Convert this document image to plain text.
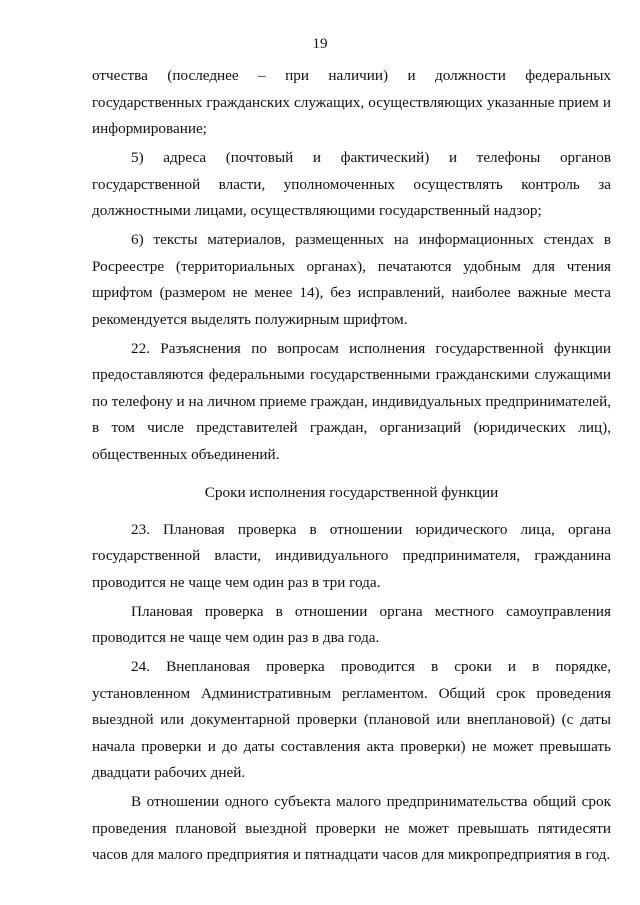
19

отчества (последнее – при наличии) и должности федеральных государственных гражданских служащих, осуществляющих указанные прием и информирование;

5) адреса (почтовый и фактический) и телефоны органов государственной власти, уполномоченных осуществлять контроль за должностными лицами, осуществляющими государственный надзор;

6) тексты материалов, размещенных на информационных стендах в Росреестре (территориальных органах), печатаются удобным для чтения шрифтом (размером не менее 14), без исправлений, наиболее важные места рекомендуется выделять полужирным шрифтом.

22. Разъяснения по вопросам исполнения государственной функции предоставляются федеральными государственными гражданскими служащими по телефону и на личном приеме граждан, индивидуальных предпринимателей, в том числе представителей граждан, организаций (юридических лиц), общественных объединений.

Сроки исполнения государственной функции

23. Плановая проверка в отношении юридического лица, органа государственной власти, индивидуального предпринимателя, гражданина проводится не чаще чем один раз в три года.

Плановая проверка в отношении органа местного самоуправления проводится не чаще чем один раз в два года.

24. Внеплановая проверка проводится в сроки и в порядке, установленном Административным регламентом. Общий срок проведения выездной или документарной проверки (плановой или внеплановой) (с даты начала проверки и до даты составления акта проверки) не может превышать двадцати рабочих дней.

В отношении одного субъекта малого предпринимательства общий срок проведения плановой выездной проверки не может превышать пятидесяти часов для малого предприятия и пятнадцати часов для микропредприятия в год.
